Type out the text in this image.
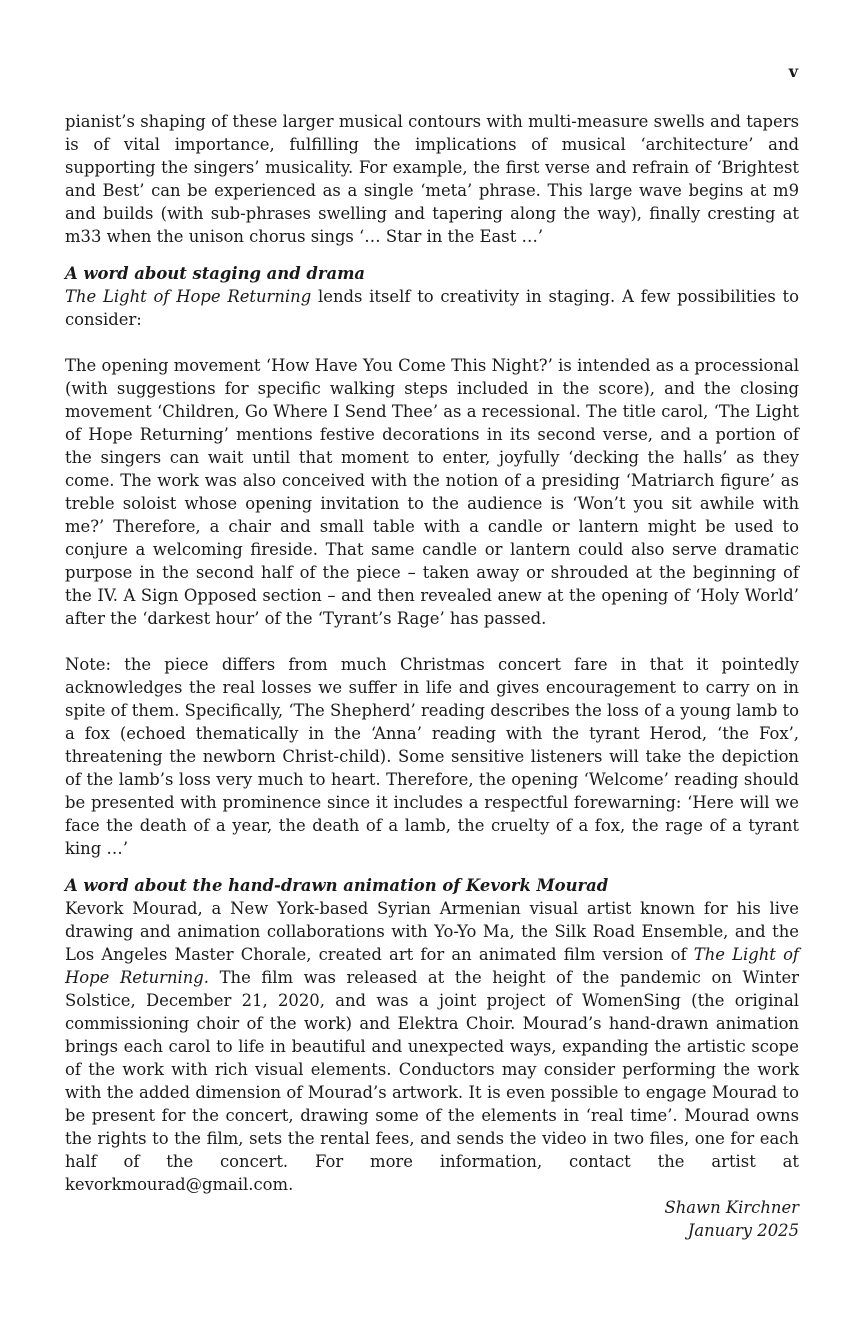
v

pianist’s shaping of these larger musical contours with multi-measure swells and tapers is of vital importance, fulfilling the implications of musical ‘architecture’ and supporting the singers’ musicality. For example, the first verse and refrain of ‘Brightest and Best’ can be experienced as a single ‘meta’ phrase. This large wave begins at m9 and builds (with sub-phrases swelling and tapering along the way), finally cresting at m33 when the unison chorus sings ‘… Star in the East …’

A word about staging and drama

The Light of Hope Returning lends itself to creativity in staging. A few possibilities to consider:

The opening movement ‘How Have You Come This Night?’ is intended as a processional (with suggestions for specific walking steps included in the score), and the closing movement ‘Children, Go Where I Send Thee’ as a recessional. The title carol, ‘The Light of Hope Returning’ mentions festive decorations in its second verse, and a portion of the singers can wait until that moment to enter, joyfully ‘decking the halls’ as they come. The work was also conceived with the notion of a presiding ‘Matriarch figure’ as treble soloist whose opening invitation to the audience is ‘Won’t you sit awhile with me?’ Therefore, a chair and small table with a candle or lantern might be used to conjure a welcoming fireside. That same candle or lantern could also serve dramatic purpose in the second half of the piece – taken away or shrouded at the beginning of the IV. A Sign Opposed section – and then revealed anew at the opening of ‘Holy World’ after the ‘darkest hour’ of the ‘Tyrant’s Rage’ has passed.

Note: the piece differs from much Christmas concert fare in that it pointedly acknowledges the real losses we suffer in life and gives encouragement to carry on in spite of them. Specifically, ‘The Shepherd’ reading describes the loss of a young lamb to a fox (echoed thematically in the ‘Anna’ reading with the tyrant Herod, ‘the Fox’, threatening the newborn Christ-child). Some sensitive listeners will take the depiction of the lamb’s loss very much to heart. Therefore, the opening ‘Welcome’ reading should be presented with prominence since it includes a respectful forewarning: ‘Here will we face the death of a year, the death of a lamb, the cruelty of a fox, the rage of a tyrant king …’

A word about the hand-drawn animation of Kevork Mourad

Kevork Mourad, a New York-based Syrian Armenian visual artist known for his live drawing and animation collaborations with Yo-Yo Ma, the Silk Road Ensemble, and the Los Angeles Master Chorale, created art for an animated film version of The Light of Hope Returning. The film was released at the height of the pandemic on Winter Solstice, December 21, 2020, and was a joint project of WomenSing (the original commissioning choir of the work) and Elektra Choir. Mourad’s hand-drawn animation brings each carol to life in beautiful and unexpected ways, expanding the artistic scope of the work with rich visual elements. Conductors may consider performing the work with the added dimension of Mourad’s artwork. It is even possible to engage Mourad to be present for the concert, drawing some of the elements in ‘real time’. Mourad owns the rights to the film, sets the rental fees, and sends the video in two files, one for each half of the concert. For more information, contact the artist at kevorkmourad@gmail.com.

Shawn Kirchner
January 2025
